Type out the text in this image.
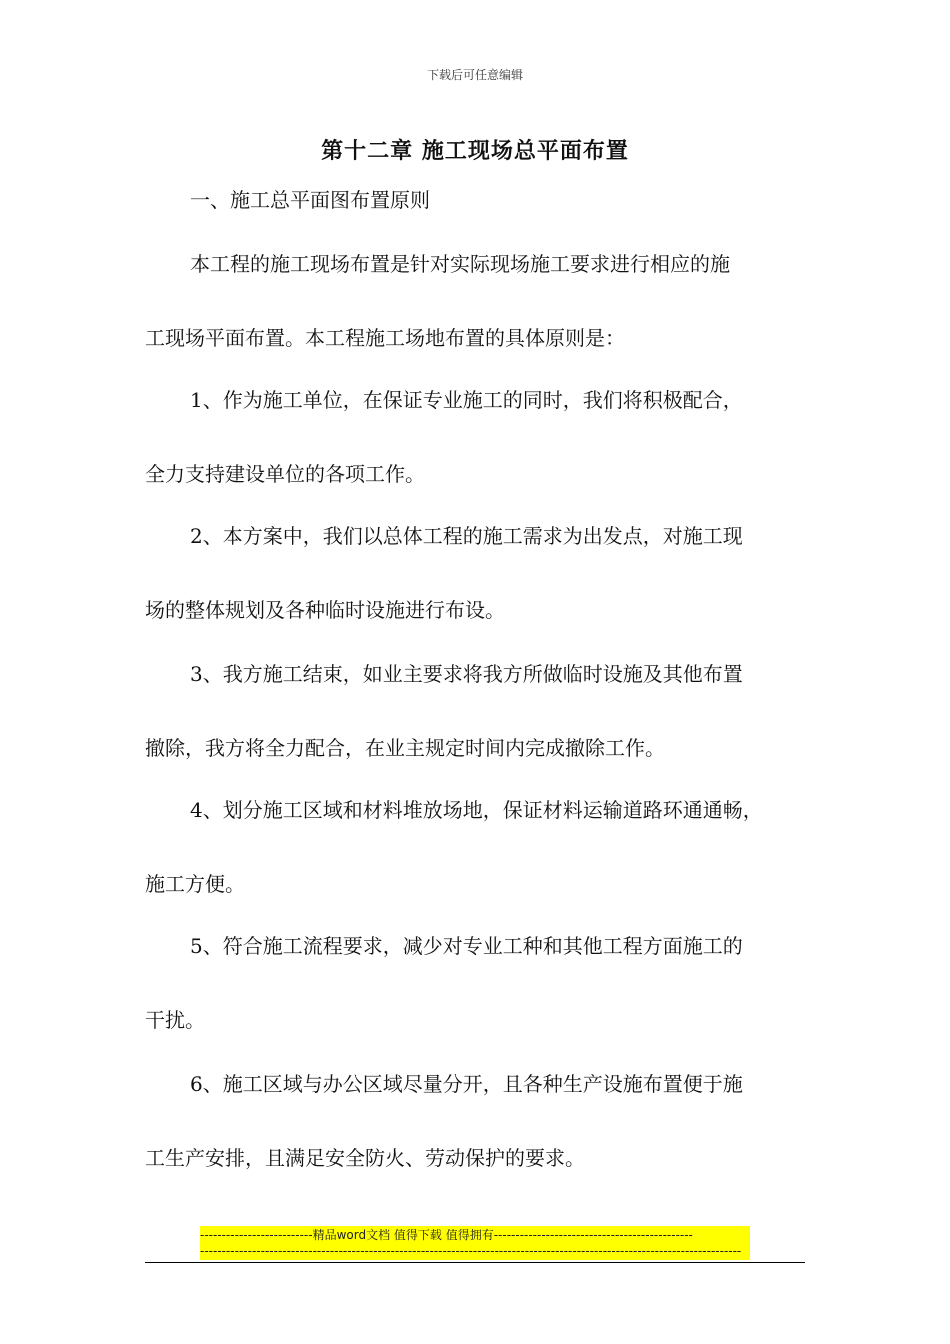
下载后可任意编辑
第十二章 施工现场总平面布置

一、施工总平面图布置原则

本工程的施工现场布置是针对实际现场施工要求进行相应的施

工现场平面布置。本工程施工场地布置的具体原则是：

1、作为施工单位，在保证专业施工的同时，我们将积极配合，

全力支持建设单位的各项工作。

2、本方案中，我们以总体工程的施工需求为出发点，对施工现

场的整体规划及各种临时设施进行布设。

3、我方施工结束，如业主要求将我方所做临时设施及其他布置

撤除，我方将全力配合，在业主规定时间内完成撤除工作。

4、划分施工区域和材料堆放场地，保证材料运输道路环通通畅，

施工方便。

5、符合施工流程要求，减少对专业工种和其他工程方面施工的

干扰。

6、施工区域与办公区域尽量分开，且各种生产设施布置便于施

工生产安排，且满足安全防火、劳动保护的要求。

--------------------------精品word文档 值得下载 值得拥有----------------------------------------------
-----------------------------------------------------------------------------------------------------------------------------
